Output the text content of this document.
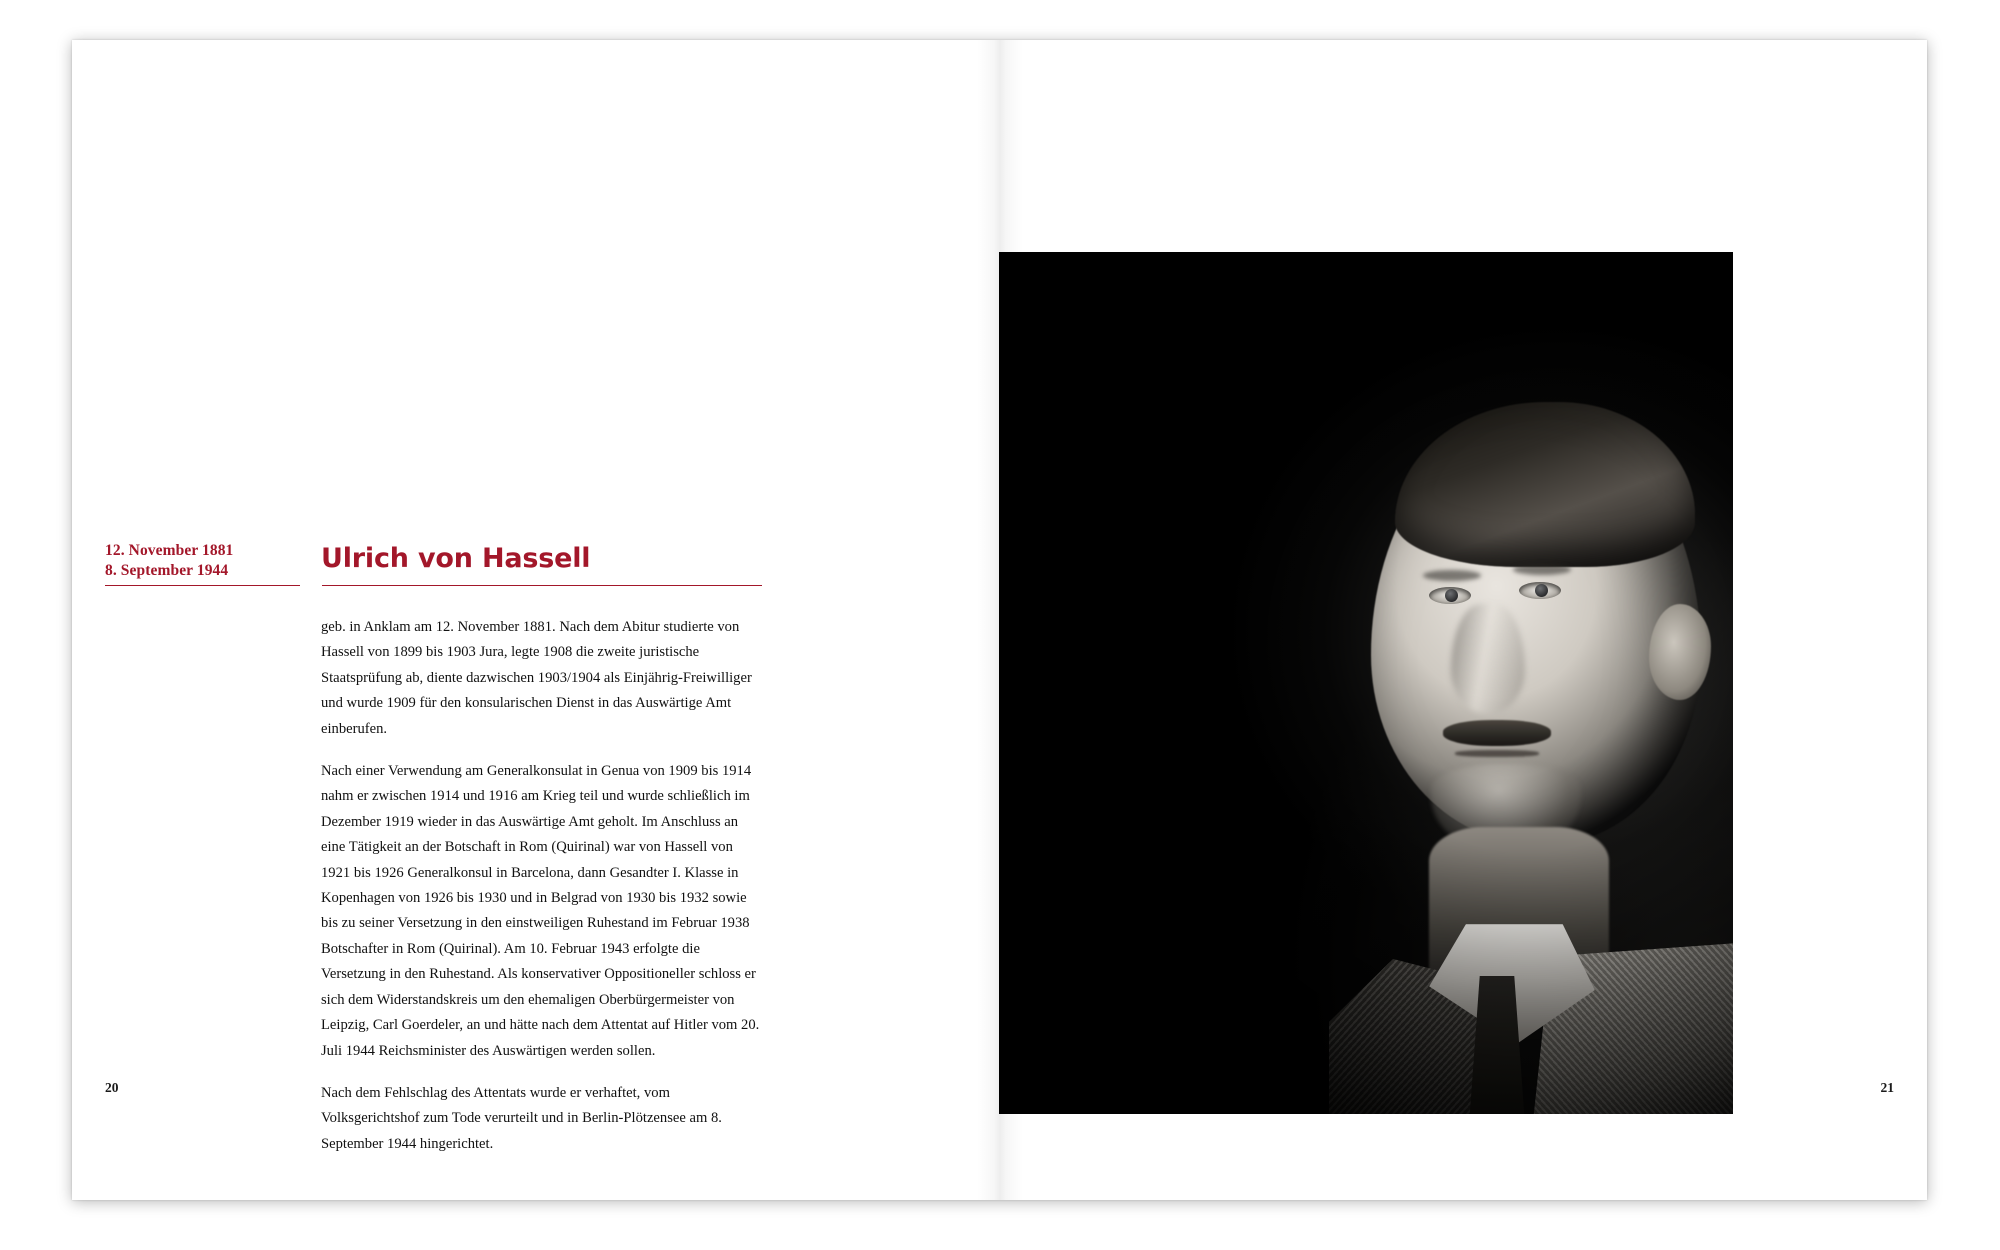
12. November 1881
8. September 1944	Ulrich von Hassell

geb. in Anklam am 12. November 1881. Nach dem Abitur studierte von Hassell von 1899 bis 1903 Jura, legte 1908 die zweite juristische Staatsprüfung ab, diente dazwischen 1903/1904 als Einjährig-Freiwilliger und wurde 1909 für den konsularischen Dienst in das Auswärtige Amt einberufen.

Nach einer Verwendung am Generalkonsulat in Genua von 1909 bis 1914 nahm er zwischen 1914 und 1916 am Krieg teil und wurde schließlich im Dezember 1919 wieder in das Auswärtige Amt geholt. Im Anschluss an eine Tätigkeit an der Botschaft in Rom (Quirinal) war von Hassell von 1921 bis 1926 Generalkonsul in Barcelona, dann Gesandter I. Klasse in Kopenhagen von 1926 bis 1930 und in Belgrad von 1930 bis 1932 sowie bis zu seiner Versetzung in den einstweiligen Ruhestand im Februar 1938 Botschafter in Rom (Quirinal). Am 10. Februar 1943 erfolgte die Versetzung in den Ruhestand. Als konservativer Oppositioneller schloss er sich dem Widerstandskreis um den ehemaligen Oberbürgermeister von Leipzig, Carl Goerdeler, an und hätte nach dem Attentat auf Hitler vom 20. Juli 1944 Reichsminister des Auswärtigen werden sollen.

Nach dem Fehlschlag des Attentats wurde er verhaftet, vom Volksgerichtshof zum Tode verurteilt und in Berlin-Plötzensee am 8. September 1944 hingerichtet.

20	21
